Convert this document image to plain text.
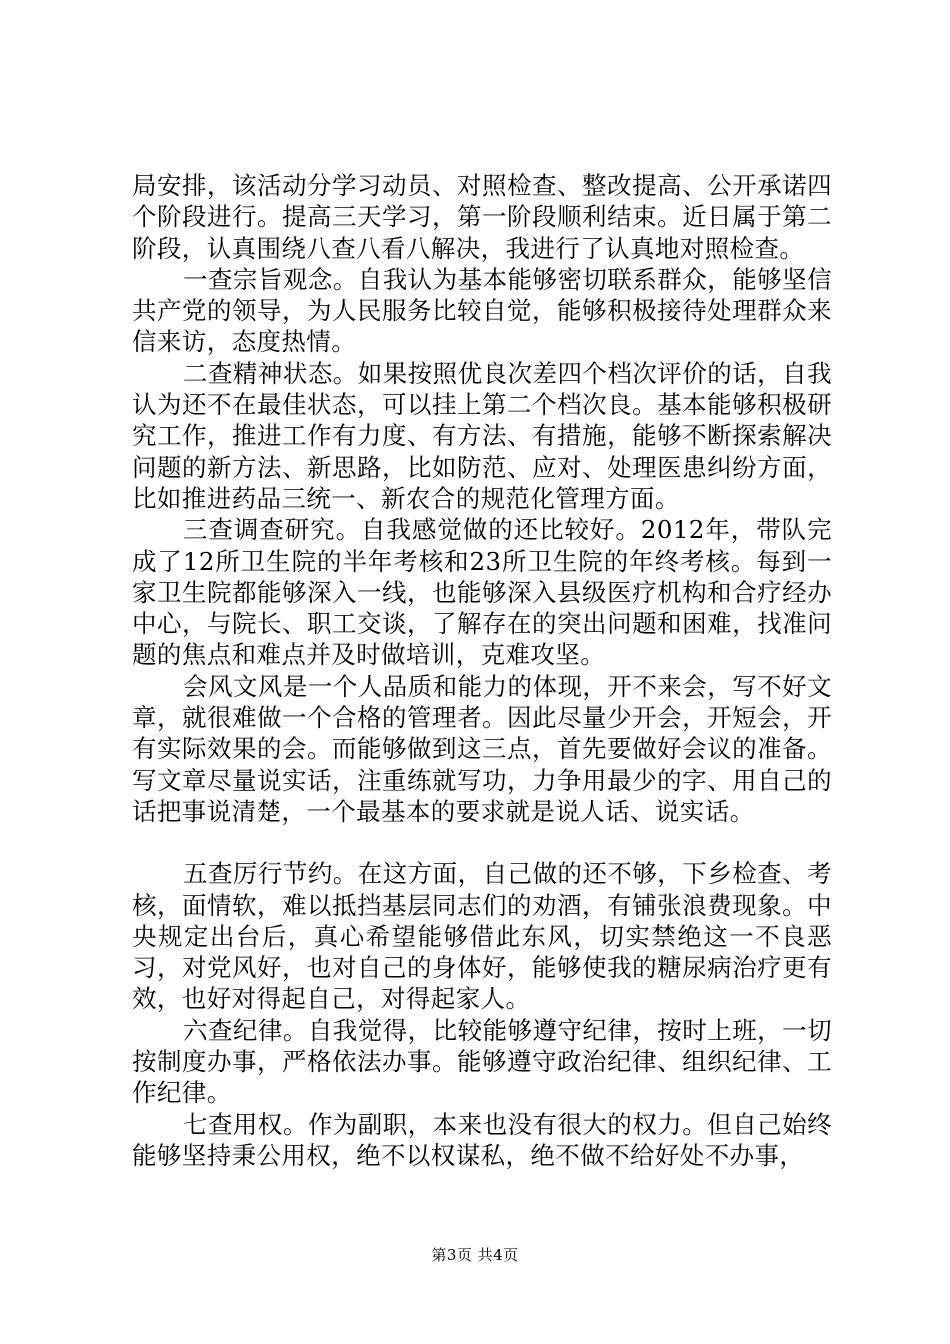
局安排，该活动分学习动员、对照检查、整改提高、公开承诺四个阶段进行。提高三天学习，第一阶段顺利结束。近日属于第二阶段，认真围绕八查八看八解决，我进行了认真地对照检查。

一查宗旨观念。自我认为基本能够密切联系群众，能够坚信共产党的领导，为人民服务比较自觉，能够积极接待处理群众来信来访，态度热情。

二查精神状态。如果按照优良次差四个档次评价的话，自我认为还不在最佳状态，可以挂上第二个档次良。基本能够积极研究工作，推进工作有力度、有方法、有措施，能够不断探索解决问题的新方法、新思路，比如防范、应对、处理医患纠纷方面，比如推进药品三统一、新农合的规范化管理方面。

三查调查研究。自我感觉做的还比较好。2012年，带队完成了12所卫生院的半年考核和23所卫生院的年终考核。每到一家卫生院都能够深入一线，也能够深入县级医疗机构和合疗经办中心，与院长、职工交谈，了解存在的突出问题和困难，找准问题的焦点和难点并及时做培训，克难攻坚。

会风文风是一个人品质和能力的体现，开不来会，写不好文章，就很难做一个合格的管理者。因此尽量少开会，开短会，开有实际效果的会。而能够做到这三点，首先要做好会议的准备。写文章尽量说实话，注重练就写功，力争用最少的字、用自己的话把事说清楚，一个最基本的要求就是说人话、说实话。

五查厉行节约。在这方面，自己做的还不够，下乡检查、考核，面情软，难以抵挡基层同志们的劝酒，有铺张浪费现象。中央规定出台后，真心希望能够借此东风，切实禁绝这一不良恶习，对党风好，也对自己的身体好，能够使我的糖尿病治疗更有效，也好对得起自己，对得起家人。

六查纪律。自我觉得，比较能够遵守纪律，按时上班，一切按制度办事，严格依法办事。能够遵守政治纪律、组织纪律、工作纪律。

七查用权。作为副职，本来也没有很大的权力。但自己始终能够坚持秉公用权，绝不以权谋私，绝不做不给好处不办事，

第3页 共4页
